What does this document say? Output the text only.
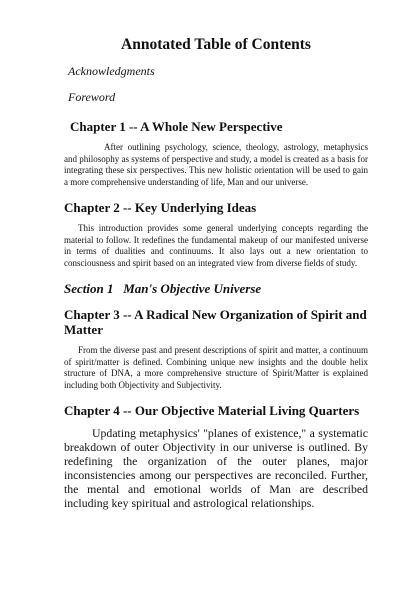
Annotated Table of Contents
Acknowledgments
Foreword
Chapter 1 -- A Whole New Perspective

After outlining psychology, science, theology, astrology, metaphysics and philosophy as systems of perspective and study, a model is created as a basis for integrating these six perspectives. This new holistic orientation will be used to gain a more comprehensive understanding of life, Man and our universe.

Chapter 2 -- Key Underlying Ideas

This introduction provides some general underlying concepts regarding the material to follow. It redefines the fundamental makeup of our manifested universe in terms of dualities and continuums. It also lays out a new orientation to consciousness and spirit based on an integrated view from diverse fields of study.

Section 1   Man's Objective Universe
Chapter 3 -- A Radical New Organization of Spirit and Matter

From the diverse past and present descriptions of spirit and matter, a continuum of spirit/matter is defined. Combining unique new insights and the double helix structure of DNA, a more comprehensive structure of Spirit/Matter is explained including both Objectivity and Subjectivity.

Chapter 4 -- Our Objective Material Living Quarters

Updating metaphysics' "planes of existence," a systematic breakdown of outer Objectivity in our universe is outlined. By redefining the organization of the outer planes, major inconsistencies among our perspectives are reconciled. Further, the mental and emotional worlds of Man are described including key spiritual and astrological relationships.
